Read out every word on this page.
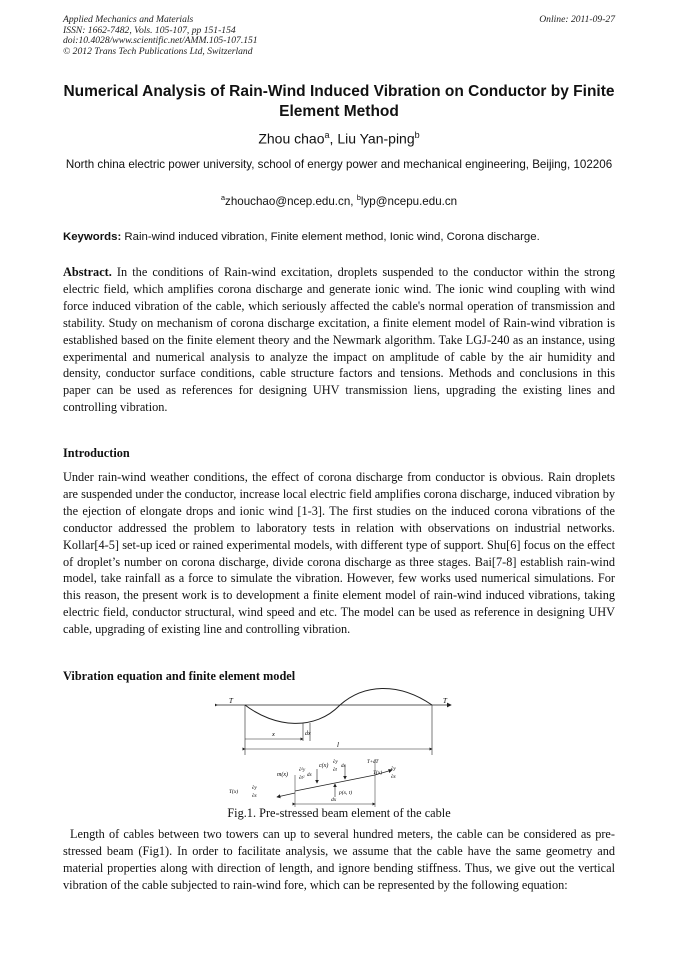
Applied Mechanics and Materials
ISSN: 1662-7482, Vols. 105-107, pp 151-154
doi:10.4028/www.scientific.net/AMM.105-107.151
© 2012 Trans Tech Publications Ltd, Switzerland
Online: 2011-09-27
Numerical Analysis of Rain-Wind Induced Vibration on Conductor by Finite Element Method
Zhou chao$^a$, Liu Yan-ping$^b$
North china electric power university, school of energy power and mechanical engineering, Beijing, 102206
$^a$zhouchao@ncep.edu.cn, $^b$lyp@ncepu.edu.cn
Keywords: Rain-wind induced vibration, Finite element method, Ionic wind, Corona discharge.
Abstract. In the conditions of Rain-wind excitation, droplets suspended to the conductor within the strong electric field, which amplifies corona discharge and generate ionic wind. The ionic wind coupling with wind force induced vibration of the cable, which seriously affected the cable's normal operation of transmission and stability. Study on mechanism of corona discharge excitation, a finite element model of Rain-wind vibration is established based on the finite element theory and the Newmark algorithm. Take LGJ-240 as an instance, using experimental and numerical analysis to analyze the impact on amplitude of cable by the air humidity and density, conductor surface conditions, cable structure factors and tensions. Methods and conclusions in this paper can be used as references for designing UHV transmission liens, upgrading the existing lines and controlling vibration.
Introduction
Under rain-wind weather conditions, the effect of corona discharge from conductor is obvious. Rain droplets are suspended under the conductor, increase local electric field amplifies corona discharge, induced vibration by the ejection of elongate drops and ionic wind [1-3]. The first studies on the induced corona vibrations of the conductor addressed the problem to laboratory tests in relation with observations on industrial networks. Kollar[4-5] set-up iced or rained experimental models, with different type of support. Shu[6] focus on the effect of droplet’s number on corona discharge, divide corona discharge as three stages. Bai[7-8] establish rain-wind model, take rainfall as a force to simulate the vibration. However, few works used numerical simulations. For this reason, the present work is to development a finite element model of rain-wind induced vibrations, taking electric field, conductor structural, wind speed and etc. The model can be used as reference in designing UHV cable, upgrading of existing line and controlling vibration.
Vibration equation and finite element model
T	T
x	dx
l
m(x)
∂²y
∂t²
dx
c(x)
∂y
∂t
dx
T+dT
T(x)
∂y
∂x
T(x)
∂y
∂x
p(x, t)
dx
Fig.1. Pre-stressed beam element of the cable
Length of cables between two towers can up to several hundred meters, the cable can be considered as pre-stressed beam (Fig1). In order to facilitate analysis, we assume that the cable have the same geometry and material properties along with direction of length, and ignore bending stiffness. Thus, we give out the vertical vibration of the cable subjected to rain-wind fore, which can be represented by the following equation:
